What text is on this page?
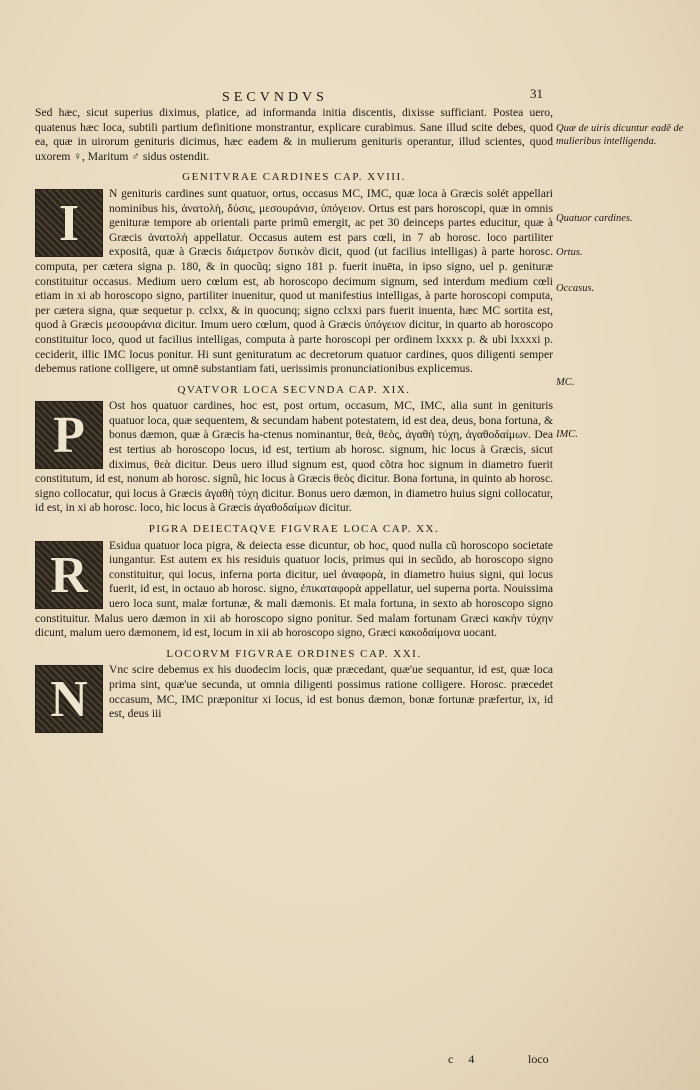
SECVNDVS	31

Sed hæc, sicut superius diximus, platice, ad informanda initia discentis, dixisse sufficiant. Postea uero, quatenus hæc loca, subtili partium definitione monstrantur, explicare curabimus. Sane illud scite debes, quod ea, quæ in uirorum genituris dicimus, hæc eadem & in mulierum genituris operantur, illud scientes, quod uxorem ♀, Maritum ♂ sidus ostendit.

GENITVRAE CARDINES CAP. XVIII.
I

N genituris cardines sunt quatuor, ortus, occasus MC, IMC, quæ loca à Græcis solét appellari nominibus his, ἀνατολὴ, δύσις, μεσουράνισ, ὑπόγειον. Ortus est pars horoscopi, quæ in omnis genituræ tempore ab orientali parte primũ emergit, ac pet 30 deinceps partes educitur, quæ à Græcis ἀνατολὴ appellatur. Occasus autem est pars cœli, in 7 ab horosc. loco partiliter expositâ, quæ à Græcis διάμετρον δυτικὸν dicit, quod (ut facilius intelligas) à parte horosc. computa, per cætera signa p. 180, & in quocũq; signo 181 p. fuerit inuēta, in ipso signo, uel p. genituræ constituitur occasus. Medium uero cœlum est, ab horoscopo decimum signum, sed interdum medium cœli etiam in xi ab horoscopo signo, partiliter inuenitur, quod ut manifestius intelligas, à parte horoscopi computa, per cætera signa, quæ sequetur p. cclxx, & in quocunq; signo cclxxi pars fuerit inuenta, hæc MC sortita est, quod à Græcis μεσουράνια dicitur. Imum uero cœlum, quod à Græcis ὑπόγειον dicitur, in quarto ab horoscopo constituitur loco, quod ut facilius intelligas, computa à parte horoscopi per ordinem lxxxx p. & ubi lxxxxi p. ceciderit, illic IMC locus ponitur. Hi sunt genituratum ac decretorum quatuor cardines, quos diligenti semper debemus ratione colligere, ut omnē substantiam fati, uerissimis pronunciationibus explicemus.

QVATVOR LOCA SECVNDA CAP. XIX.
P

Ost hos quatuor cardines, hoc est, post ortum, occasum, MC, IMC, alia sunt in genituris quatuor loca, quæ sequentem, & secundam habent potestatem, id est dea, deus, bona fortuna, & bonus dæmon, quæ à Græcis ha-ctenus nominantur, θεὰ, θεὸς, ἀγαθὴ τύχη, ἀγαθοδαίμων. Dea est tertius ab horoscopo locus, id est, tertium ab horosc. signum, hic locus à Græcis, sicut diximus, θεὰ dicitur. Deus uero illud signum est, quod cõtra hoc signum in diametro fuerit constitutum, id est, nonum ab horosc. signũ, hic locus à Græcis θεὸς dicitur. Bona fortuna, in quinto ab horosc. signo collocatur, qui locus à Græcis ἀγαθὴ τύχη dicitur. Bonus uero dæmon, in diametro huius signi collocatur, id est, in xi ab horosc. loco, hic locus à Græcis ἀγαθοδαίμων dicitur.

PIGRA DEIECTAQVE FIGVRAE LOCA CAP. XX.
R

Esidua quatuor loca pigra, & deiecta esse dicuntur, ob hoc, quod nulla cũ horoscopo societate iungantur. Est autem ex his residuis quatuor locis, primus qui in secũdo, ab horoscopo signo constituitur, qui locus, inferna porta dicitur, uel ἀναφορὰ, in diametro huius signi, qui locus fuerit, id est, in octauo ab horosc. signo, ἐπικαταφορὰ appellatur, uel superna porta. Nouissima uero loca sunt, malæ fortunæ, & mali dæmonis. Et mala fortuna, in sexto ab horoscopo signo constituitur. Malus uero dæmon in xii ab horoscopo signo ponitur. Sed malam fortunam Græci κακὴν τύχην dicunt, malum uero dæmonem, id est, locum in xii ab horoscopo signo, Græci κακοδαίμονα uocant.

LOCORVM FIGVRAE ORDINES CAP. XXI.
N

Vnc scire debemus ex his duodecim locis, quæ præcedant, quæ'ue sequantur, id est, quæ loca prima sint, quæ'ue secunda, ut omnia diligenti possimus ratione colligere. Horosc. præcedet occasum, MC, IMC præponitur xi locus, id est bonus dæmon, bonæ fortunæ præfertur, ix, id est, deus iii

Quæ de uiris dicuntur eadē de mulieribus intelligenda.
Quatuor cardines.
Ortus.
Occasus.
MC.
IMC.
c 4	loco
